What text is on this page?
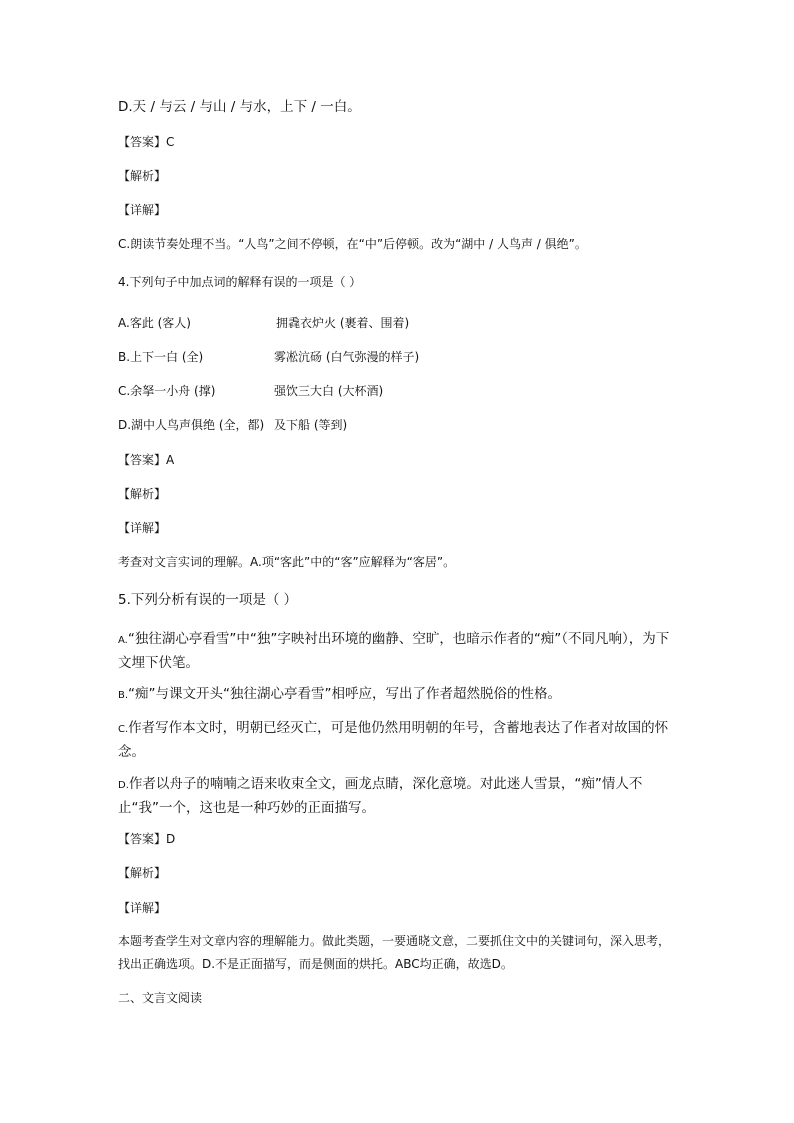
D.天 / 与云 / 与山 / 与水，上下 / 一白。
【答案】C
【解析】
【详解】
C.朗读节奏处理不当。“人鸟”之间不停顿，在“中”后停顿。改为“湖中 / 人鸟声 / 俱绝”。
4.下列句子中加点词的解释有误的一项是（ ）
A.客此 (客人)	拥毳衣炉火 (裹着、围着)
B.上下一白 (全)	雾凇沆砀 (白气弥漫的样子)
C.余拏一小舟 (撑)	强饮三大白 (大杯酒)
D.湖中人鸟声俱绝 (全，都) 及下船 (等到)
【答案】A
【解析】
【详解】
考查对文言实词的理解。A.项“客此”中的“客”应解释为“客居”。
5.下列分析有误的一项是（ ）
A.“独往湖心亭看雪”中“独”字映衬出环境的幽静、空旷，也暗示作者的“痴”（不同凡响），为下文埋下伏笔。
B.“痴”与课文开头“独往湖心亭看雪”相呼应，写出了作者超然脱俗的性格。
C.作者写作本文时，明朝已经灭亡，可是他仍然用明朝的年号，含蓄地表达了作者对故国的怀念。
D.作者以舟子的喃喃之语来收束全文，画龙点睛，深化意境。对此迷人雪景，“痴”情人不止“我”一个，这也是一种巧妙的正面描写。
【答案】D
【解析】
【详解】
本题考查学生对文章内容的理解能力。做此类题，一要通晓文意，二要抓住文中的关键词句，深入思考，找出正确选项。D.不是正面描写，而是侧面的烘托。ABC均正确，故选D。
二、文言文阅读
